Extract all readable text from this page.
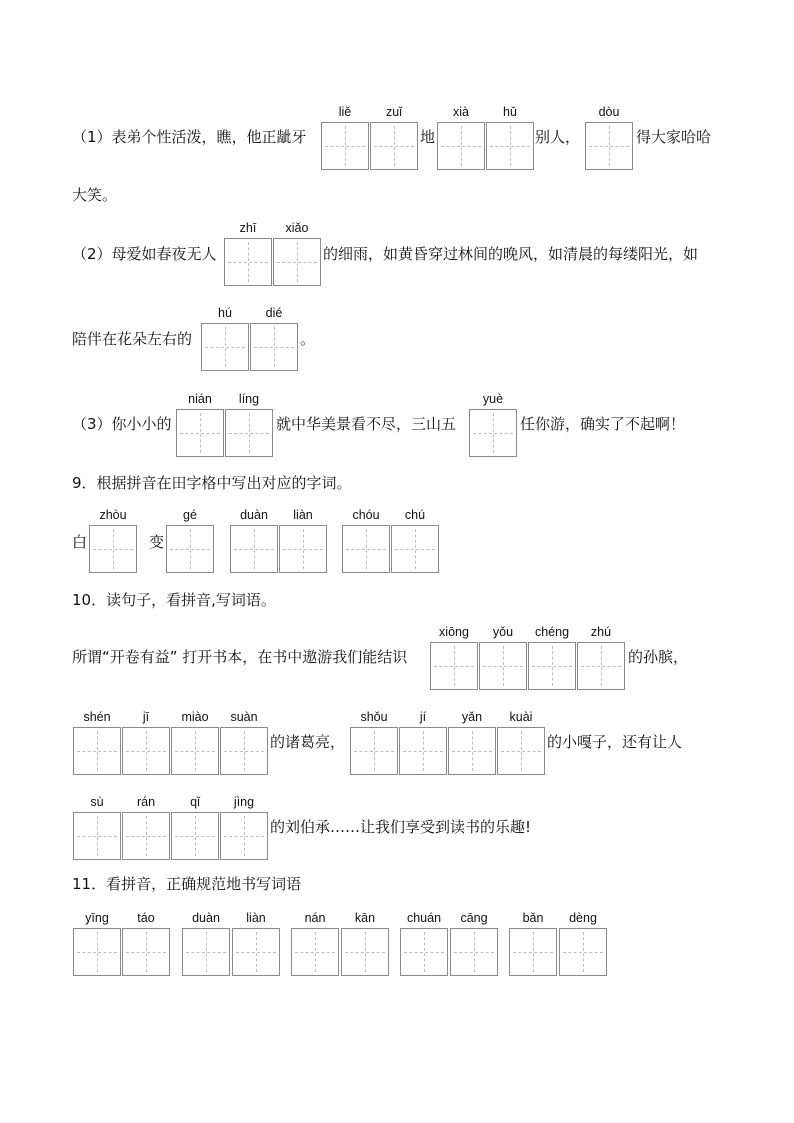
（1）表弟个性活泼，瞧，他正龇牙
liě	zuǐ
地
xià	hǔ
别人，
dòu
得大家哈哈
大笑。
（2）母爱如春夜无人
zhī	xiǎo
的细雨，如黄昏穿过林间的晚风，如清晨的每缕阳光，如
陪伴在花朵左右的
hú	dié
。
（3）你小小的
nián	líng
就中华美景看不尽，三山五
yuè
任你游，确实了不起啊！
9．根据拼音在田字格中写出对应的字词。
白
zhòu
变
gé	duàn	liàn	chóu	chú
10．读句子，看拼音,写词语。
所谓“开卷有益” 打开书本，在书中遨游我们能结识
xiōng	yǒu	chéng	zhú
的孙膑，
shén	jī	miào	suàn
的诸葛亮，
shǒu	jí	yǎn	kuài
的小嘎子，还有让人
sù	rán	qǐ	jìng
的刘伯承……让我们享受到读书的乐趣!
11．看拼音，正确规范地书写词语
yīng	táo	duàn	liàn	nán	kān	chuán	cāng	bǎn	dèng
